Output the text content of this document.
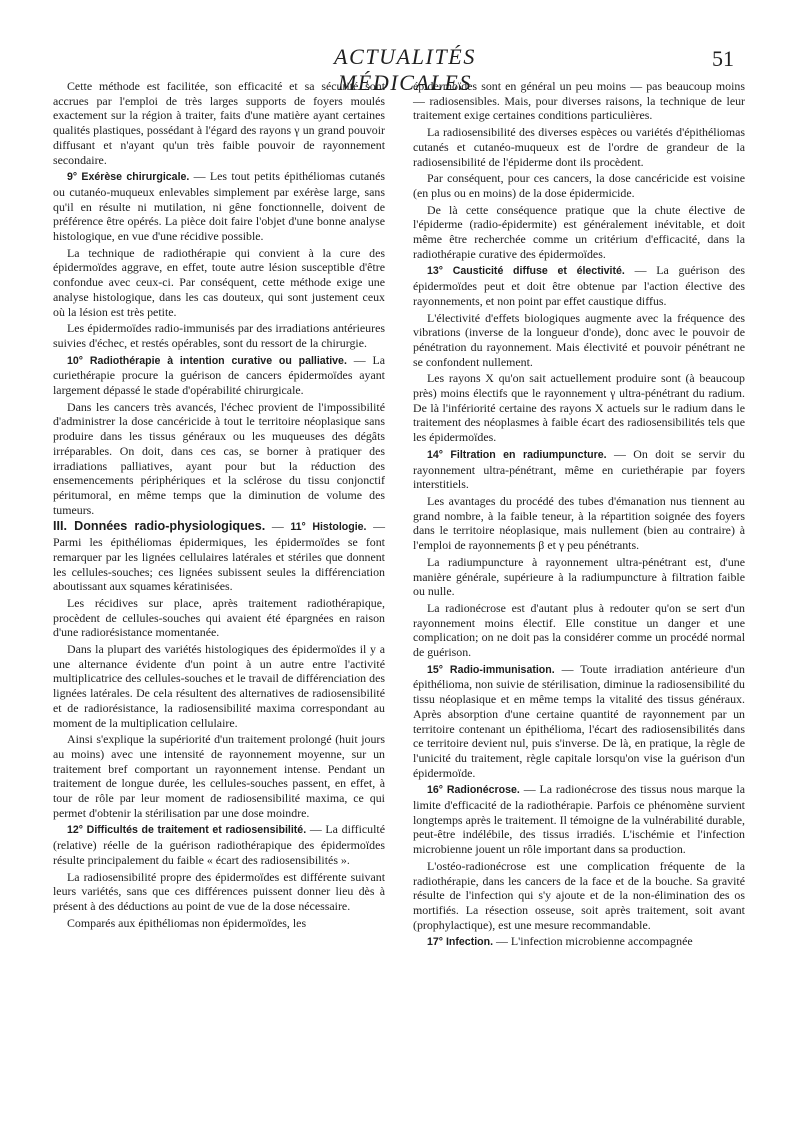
ACTUALITÉS MÉDICALES
51

Cette méthode est facilitée, son efficacité et sa sécurité sont accrues par l'emploi de très larges supports de foyers moulés exactement sur la région à traiter, faits d'une matière ayant certaines qualités plastiques, possédant à l'égard des rayons γ un grand pouvoir diffusant et n'ayant qu'un très faible pouvoir de rayonnement secondaire.

9° Exérèse chirurgicale. — Les tout petits épithéliomas cutanés ou cutanéo-muqueux enlevables simplement par exérèse large, sans qu'il en résulte ni mutilation, ni gêne fonctionnelle, doivent de préférence être opérés. La pièce doit faire l'objet d'une bonne analyse histologique, en vue d'une récidive possible.

La technique de radiothérapie qui convient à la cure des épidermoïdes aggrave, en effet, toute autre lésion susceptible d'être confondue avec ceux-ci. Par conséquent, cette méthode exige une analyse histologique, dans les cas douteux, qui sont justement ceux où la lésion est très petite.

Les épidermoïdes radio-immunisés par des irradiations antérieures suivies d'échec, et restés opérables, sont du ressort de la chirurgie.

10° Radiothérapie à intention curative ou palliative. — La curiethérapie procure la guérison de cancers épidermoïdes ayant largement dépassé le stade d'opérabilité chirurgicale.

Dans les cancers très avancés, l'échec provient de l'impossibilité d'administrer la dose cancéricide à tout le territoire néoplasique sans produire dans les tissus généraux ou les muqueuses des dégâts irréparables. On doit, dans ces cas, se borner à pratiquer des irradiations palliatives, ayant pour but la réduction des ensemencements périphériques et la sclérose du tissu conjonctif péritumoral, en même temps que la diminution de volume des tumeurs.

III. Données radio-physiologiques. — 11° Histologie. — Parmi les épithéliomas épidermiques, les épidermoïdes se font remarquer par les lignées cellulaires latérales et stériles que donnent les cellules-souches; ces lignées subissent seules la différenciation aboutissant aux squames kératinisées.

Les récidives sur place, après traitement radiothérapique, procèdent de cellules-souches qui avaient été épargnées en raison d'une radiorésistance momentanée.

Dans la plupart des variétés histologiques des épidermoïdes il y a une alternance évidente d'un point à un autre entre l'activité multiplicatrice des cellules-souches et le travail de différenciation des lignées latérales. De cela résultent des alternatives de radiosensibilité et de radiorésistance, la radiosensibilité maxima correspondant au moment de la multiplication cellulaire.

Ainsi s'explique la supériorité d'un traitement prolongé (huit jours au moins) avec une intensité de rayonnement moyenne, sur un traitement bref comportant un rayonnement intense. Pendant un traitement de longue durée, les cellules-souches passent, en effet, à tour de rôle par leur moment de radiosensibilité maxima, ce qui permet d'obtenir la stérilisation par une dose moindre.

12° Difficultés de traitement et radiosensibilité. — La difficulté (relative) réelle de la guérison radiothérapique des épidermoïdes résulte principalement du faible « écart des radiosensibilités ».

La radiosensibilité propre des épidermoïdes est différente suivant leurs variétés, sans que ces différences puissent donner lieu dès à présent à des déductions au point de vue de la dose nécessaire.

Comparés aux épithéliomas non épidermoïdes, les

épidermoïdes sont en général un peu moins — pas beaucoup moins — radiosensibles. Mais, pour diverses raisons, la technique de leur traitement exige certaines conditions particulières.

La radiosensibilité des diverses espèces ou variétés d'épithéliomas cutanés et cutanéo-muqueux est de l'ordre de grandeur de la radiosensibilité de l'épiderme dont ils procèdent.

Par conséquent, pour ces cancers, la dose cancéricide est voisine (en plus ou en moins) de la dose épidermicide.

De là cette conséquence pratique que la chute élective de l'épiderme (radio-épidermite) est généralement inévitable, et doit même être recherchée comme un critérium d'efficacité, dans la radiothérapie curative des épidermoïdes.

13° Causticité diffuse et électivité. — La guérison des épidermoïdes peut et doit être obtenue par l'action élective des rayonnements, et non point par effet caustique diffus.

L'électivité d'effets biologiques augmente avec la fréquence des vibrations (inverse de la longueur d'onde), donc avec le pouvoir de pénétration du rayonnement. Mais électivité et pouvoir pénétrant ne se confondent nullement.

Les rayons X qu'on sait actuellement produire sont (à beaucoup près) moins électifs que le rayonnement γ ultra-pénétrant du radium. De là l'infériorité certaine des rayons X actuels sur le radium dans le traitement des néoplasmes à faible écart des radiosensibilités tels que les épidermoïdes.

14° Filtration en radiumpuncture. — On doit se servir du rayonnement ultra-pénétrant, même en curiethérapie par foyers interstitiels.

Les avantages du procédé des tubes d'émanation nus tiennent au grand nombre, à la faible teneur, à la répartition soignée des foyers dans le territoire néoplasique, mais nullement (bien au contraire) à l'emploi de rayonnements β et γ peu pénétrants.

La radiumpuncture à rayonnement ultra-pénétrant est, d'une manière générale, supérieure à la radiumpuncture à filtration faible ou nulle.

La radionécrose est d'autant plus à redouter qu'on se sert d'un rayonnement moins électif. Elle constitue un danger et une complication; on ne doit pas la considérer comme un procédé normal de guérison.

15° Radio-immunisation. — Toute irradiation antérieure d'un épithélioma, non suivie de stérilisation, diminue la radiosensibilité du tissu néoplasique et en même temps la vitalité des tissus généraux. Après absorption d'une certaine quantité de rayonnement par un territoire contenant un épithélioma, l'écart des radiosensibilités dans ce territoire devient nul, puis s'inverse. De là, en pratique, la règle de l'unicité du traitement, règle capitale lorsqu'on vise la guérison d'un épidermoïde.

16° Radionécrose. — La radionécrose des tissus nous marque la limite d'efficacité de la radiothérapie. Parfois ce phénomène survient longtemps après le traitement. Il témoigne de la vulnérabilité durable, peut-être indélébile, des tissus irradiés. L'ischémie et l'infection microbienne jouent un rôle important dans sa production.

L'ostéo-radionécrose est une complication fréquente de la radiothérapie, dans les cancers de la face et de la bouche. Sa gravité résulte de l'infection qui s'y ajoute et de la non-élimination des os mortifiés. La résection osseuse, soit après traitement, soit avant (prophylactique), est une mesure recommandable.

17° Infection. — L'infection microbienne accompagnée
